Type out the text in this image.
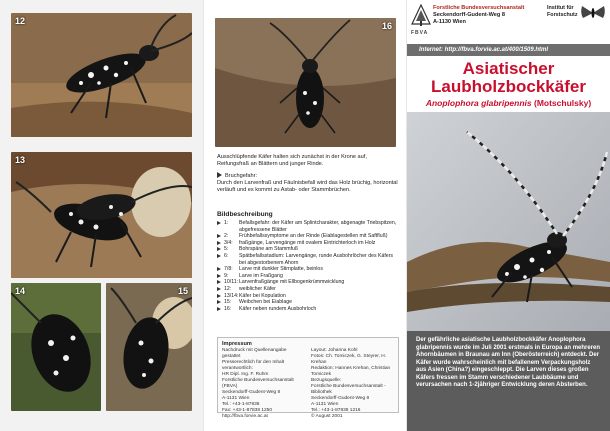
12
13
14	15
16

Ausschlüpfende Käfer halten sich zunächst in der Krone auf, Reifungsfraß an Blättern und junger Rinde.

Bruchgefahr:
Durch den Larvenfraß und Fäulnisbefall wird das Holz brüchig, horizontal verläuft und es kommt zu Astab- oder Stammbrüchen.
Bildbeschreibung
1:	Befallsgefahr: der Käfer am Splintcharakter, abgenagte Triebspitzen, abgefressene Blätter
2:	Frühbefallssymptome an der Rinde (Eiablagestellen mit Saftfluß)
3/4:	fraßgänge, Larvengänge mit ovalem Eintrichterloch im Holz
5:	Bohrspäne am Stammfuß
6:	Spätbefallsstadium: Larvengänge, runde Ausbohrlöcher des Käfers bei abgestorbenem Ahorn
7/8:	Larve mit dunkler Stirnplatte, beinlos
9:	Larve im Fraßgang
10/11: Larvenfraßgänge mit Ellbogenkrümmwicklung
12:	weiblicher Käfer
13/14: Käfer bei Kopulation
15:	Weibchen bei Eiablage
16:	Käfer neben rundem Ausbohrloch
Impressum
Nachdruck mit Quellenangabe gestattet
Presserechtlich für den Inhalt verantwortlich:
HR Dipl. Ing. F. Ruhm
Forstliche Bundesversuchsanstalt (FBVA)
Seckendorff-Gudent-Weg 8
A-1131 Wien
Tel.: +43-1-87838
Fax: +43-1-87838 1250
http://fbva.forvie.ac.at
Layout: Johanna Kohl
Fotos: Ch. Tomiczek, G. Steyrer, H. Krehan
Redaktion: Hannes Krehan, Christian Tomiczek
Bezugsquelle:
Forstliche Bundesversuchsanstalt - Bibliothek
Seckendorff-Gudent-Weg 8
A-1131 Wien
Tel.: +43-1-87838 1216
© August 2001
FBVA
Forstliche Bundesversuchsanstalt
Seckendorff-Gudent-Weg 8
A-1130 Wien
Institut für
Forstschutz
Internet: http://fbva.forvie.ac.at/400/1509.html
Asiatischer
Laubholzbockkäfer
Anoplophora glabripennis (Motschulsky)

Der gefährliche asiatische Laubholzbockkäfer Anoplophora glabripennis wurde im Juli 2001 erstmals in Europa an mehreren Ahornbäumen in Braunau am Inn (Oberösterreich) entdeckt. Der Käfer wurde wahrscheinlich mit befallenem Verpackungsholz aus Asien (China?) eingeschleppt. Die Larven dieses großen Käfers fressen im Stamm verschiedener Laubbäume und verursachen nach 1-2jähriger Entwicklung deren Absterben.
